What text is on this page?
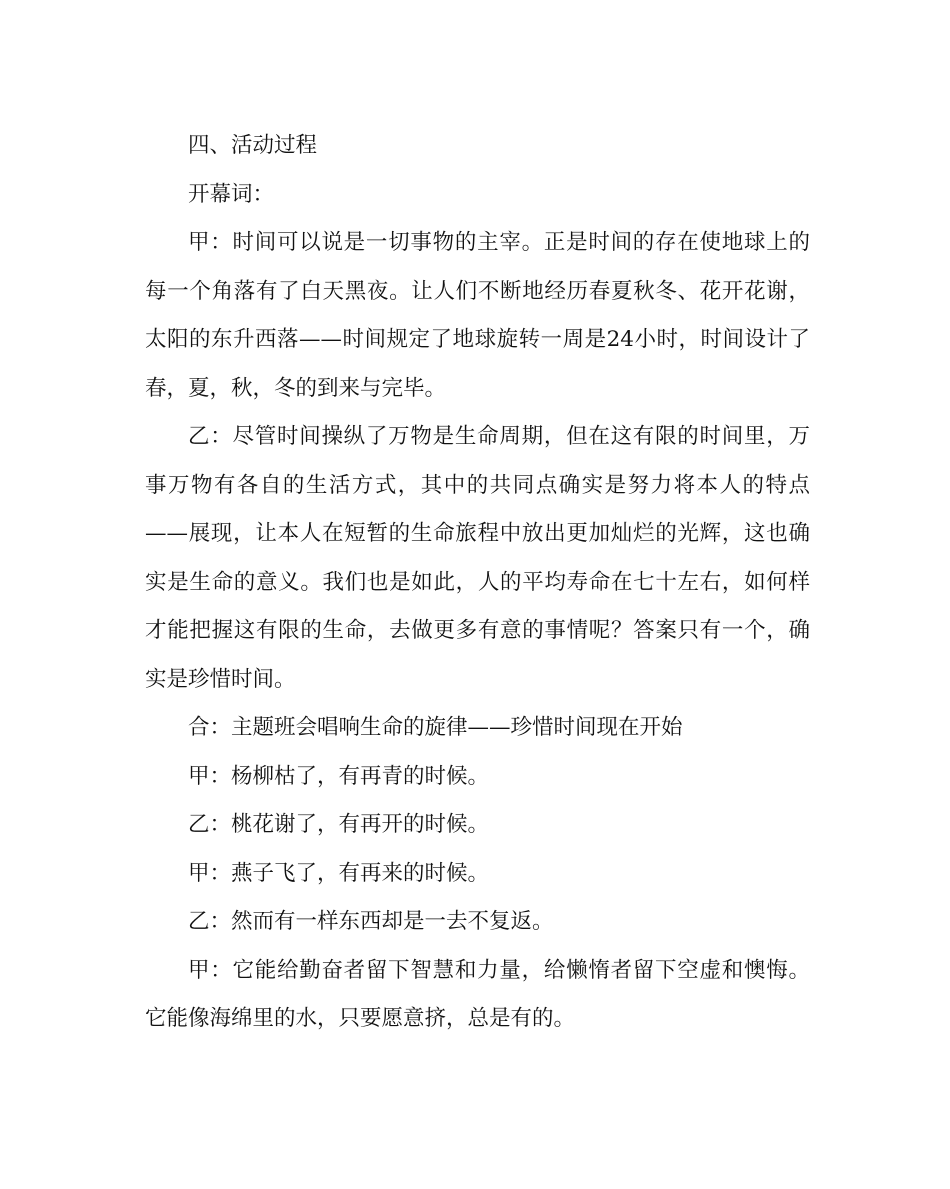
四、活动过程

开幕词：

甲：时间可以说是一切事物的主宰。正是时间的存在使地球上的每一个角落有了白天黑夜。让人们不断地经历春夏秋冬、花开花谢，太阳的东升西落——时间规定了地球旋转一周是24小时，时间设计了春，夏，秋，冬的到来与完毕。

乙：尽管时间操纵了万物是生命周期，但在这有限的时间里，万事万物有各自的生活方式，其中的共同点确实是努力将本人的特点——展现，让本人在短暂的生命旅程中放出更加灿烂的光辉，这也确实是生命的意义。我们也是如此，人的平均寿命在七十左右，如何样才能把握这有限的生命，去做更多有意的事情呢？答案只有一个，确实是珍惜时间。

合：主题班会唱响生命的旋律——珍惜时间现在开始

甲：杨柳枯了，有再青的时候。

乙：桃花谢了，有再开的时候。

甲：燕子飞了，有再来的时候。

乙：然而有一样东西却是一去不复返。

甲：它能给勤奋者留下智慧和力量，给懒惰者留下空虚和懊悔。它能像海绵里的水，只要愿意挤，总是有的。
